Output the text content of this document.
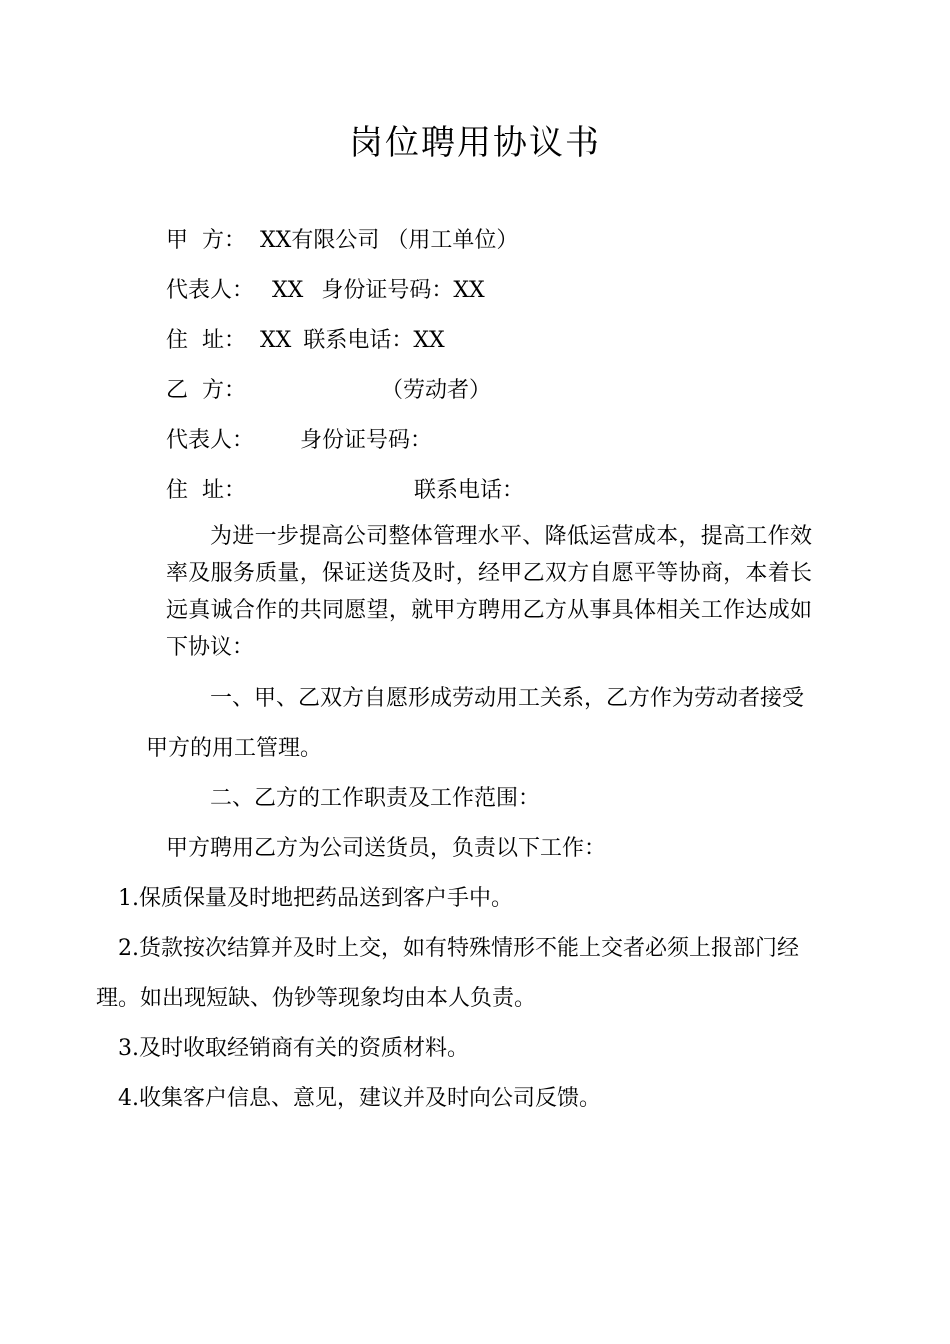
岗位聘用协议书
甲  方： XX有限公司 （用工单位）
代表人： XX 身份证号码：XX
住  址： XX 联系电话：XX
乙  方：	（劳动者）
代表人： 身份证号码：
住  址：	联系电话：

为进一步提高公司整体管理水平、降低运营成本，提高工作效率及服务质量，保证送货及时，经甲乙双方自愿平等协商，本着长远真诚合作的共同愿望，就甲方聘用乙方从事具体相关工作达成如下协议：

一、甲、乙双方自愿形成劳动用工关系，乙方作为劳动者接受
甲方的用工管理。
二、乙方的工作职责及工作范围：
甲方聘用乙方为公司送货员，负责以下工作：
1.保质保量及时地把药品送到客户手中。
2.货款按次结算并及时上交，如有特殊情形不能上交者必须上报部门经
理。如出现短缺、伪钞等现象均由本人负责。
3.及时收取经销商有关的资质材料。
4.收集客户信息、意见，建议并及时向公司反馈。
